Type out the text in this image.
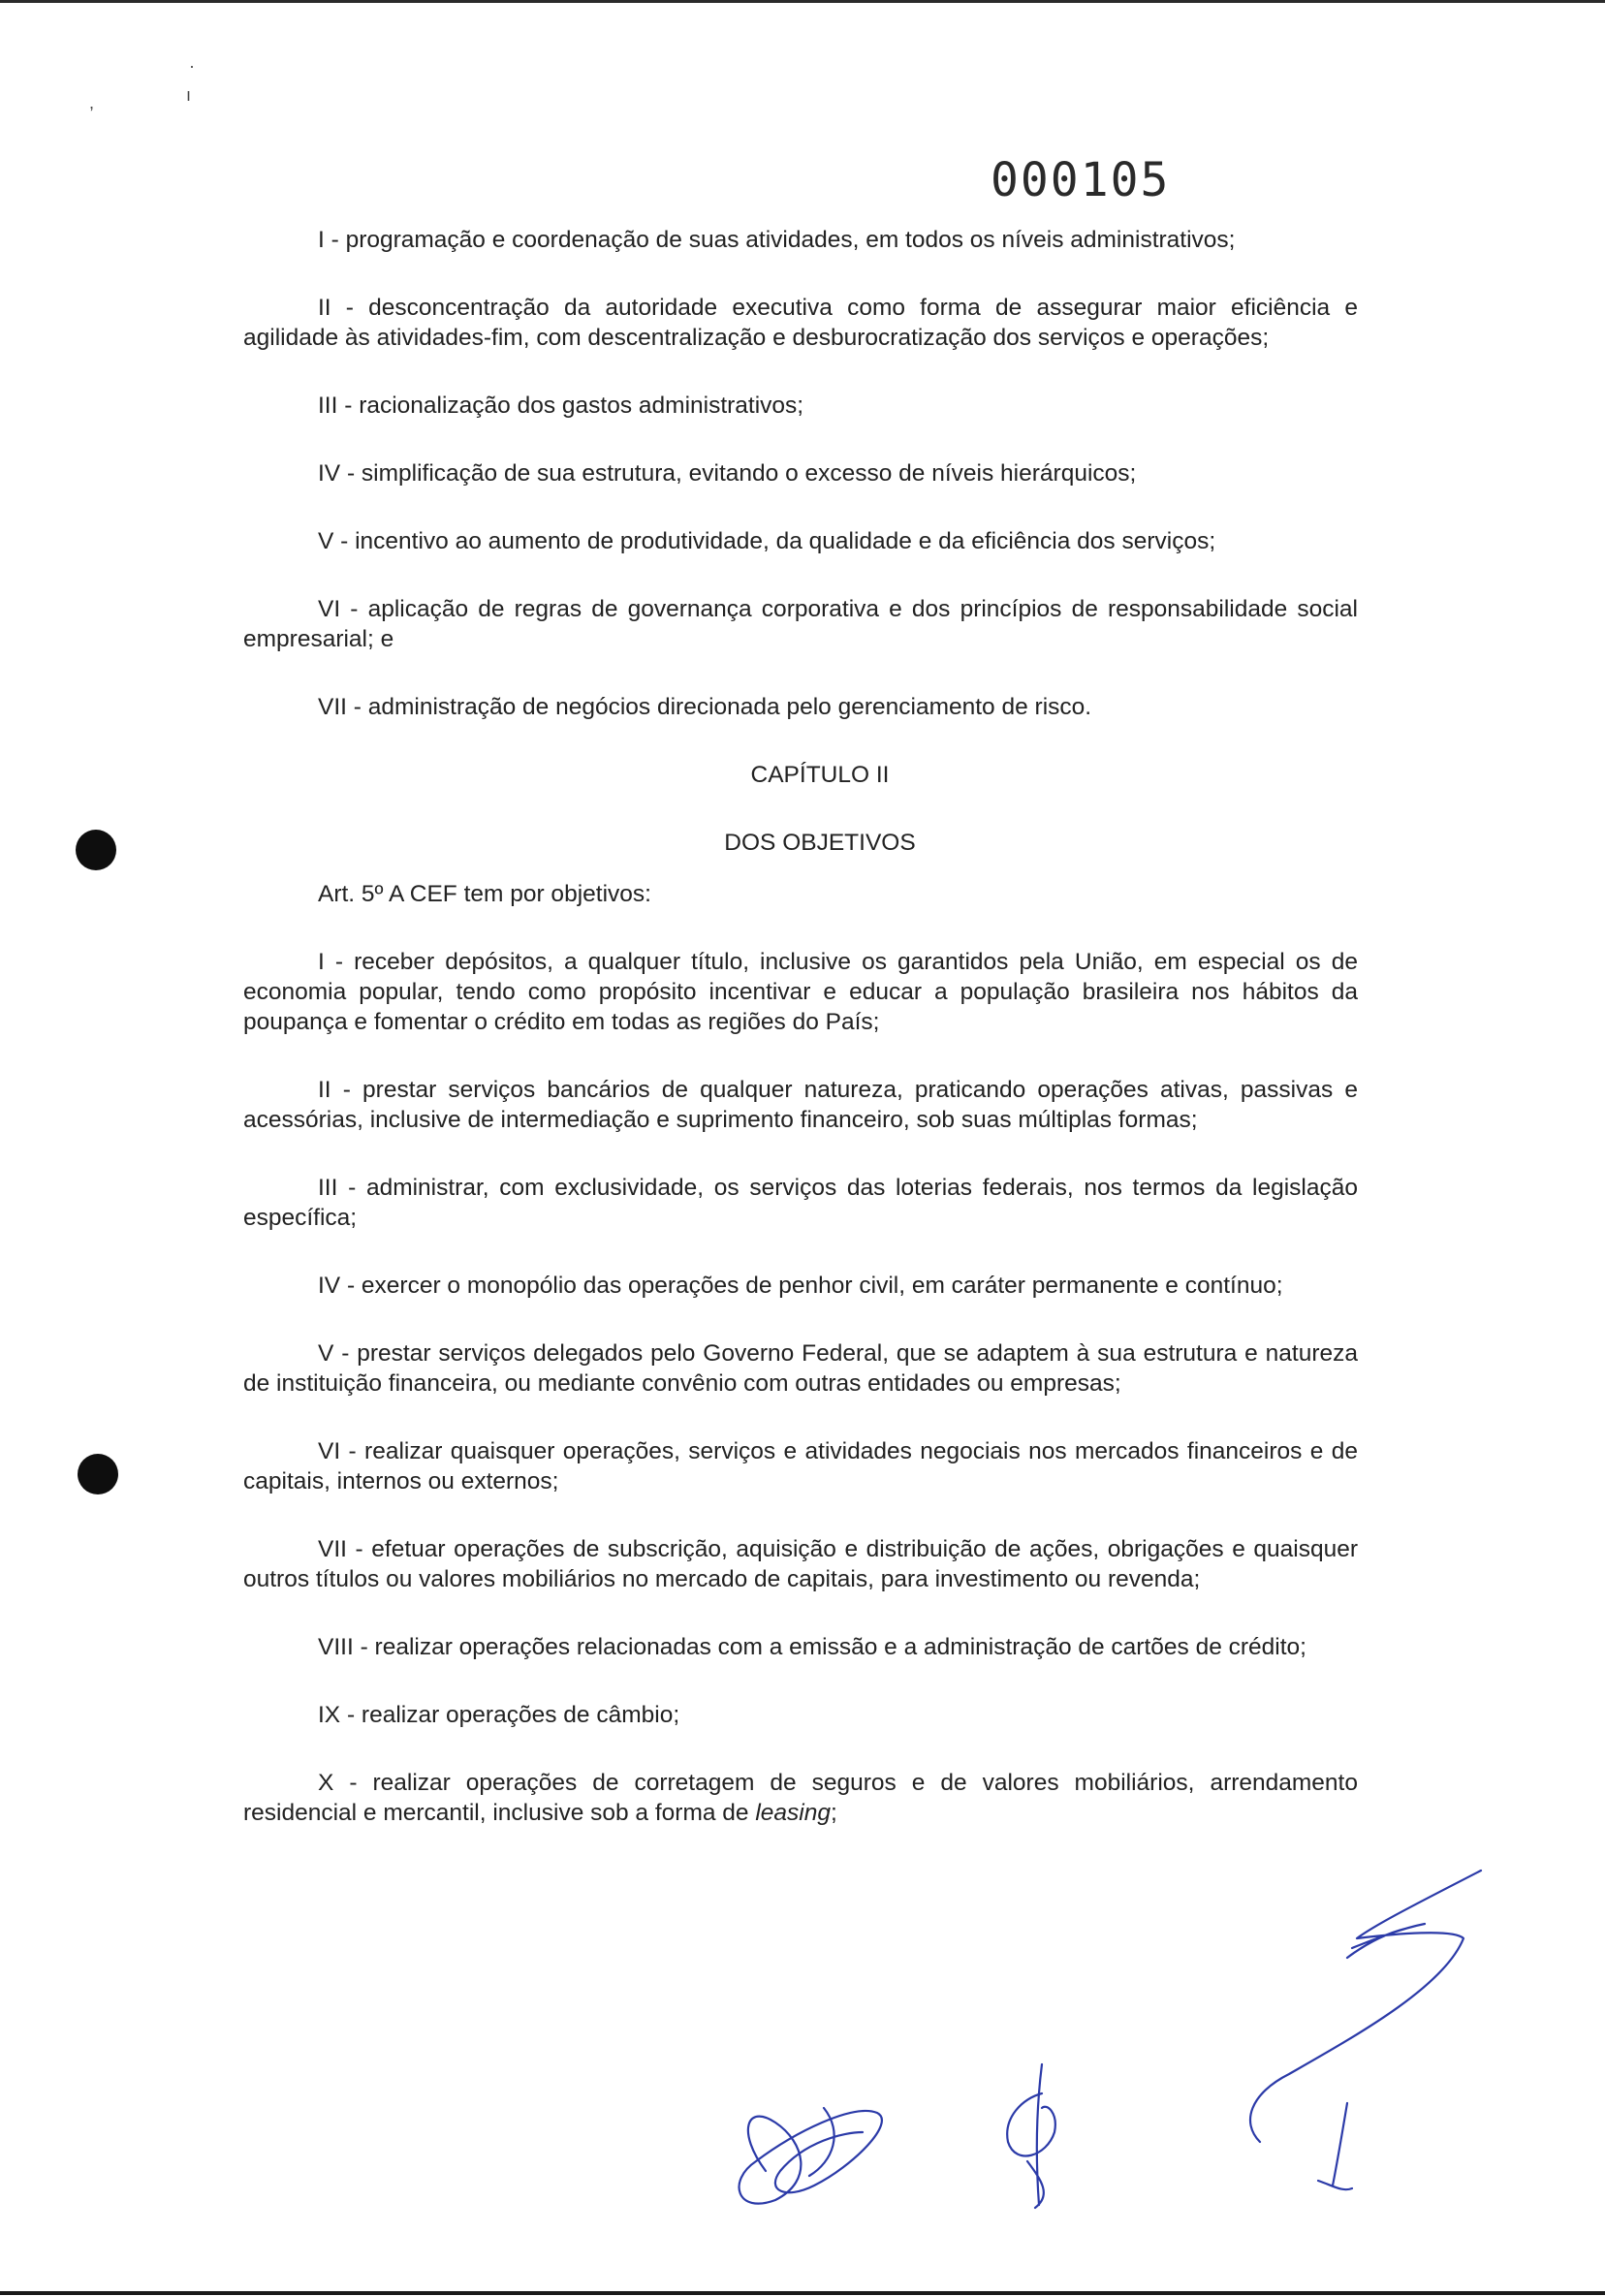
·
ı
,
000105

I - programação e coordenação de suas atividades, em todos os níveis administrativos;

II - desconcentração da autoridade executiva como forma de assegurar maior eficiência e agilidade às atividades-fim, com descentralização e desburocratização dos serviços e operações;

III - racionalização dos gastos administrativos;

IV - simplificação de sua estrutura, evitando o excesso de níveis hierárquicos;

V - incentivo ao aumento de produtividade, da qualidade e da eficiência dos serviços;

VI - aplicação de regras de governança corporativa e dos princípios de responsabilidade social empresarial; e

VII - administração de negócios direcionada pelo gerenciamento de risco.

CAPÍTULO II

DOS OBJETIVOS

Art. 5º A CEF tem por objetivos:

I - receber depósitos, a qualquer título, inclusive os garantidos pela União, em especial os de economia popular, tendo como propósito incentivar e educar a população brasileira nos hábitos da poupança e fomentar o crédito em todas as regiões do País;

II - prestar serviços bancários de qualquer natureza, praticando operações ativas, passivas e acessórias, inclusive de intermediação e suprimento financeiro, sob suas múltiplas formas;

III - administrar, com exclusividade, os serviços das loterias federais, nos termos da legislação específica;

IV - exercer o monopólio das operações de penhor civil, em caráter permanente e contínuo;

V - prestar serviços delegados pelo Governo Federal, que se adaptem à sua estrutura e natureza de instituição financeira, ou mediante convênio com outras entidades ou empresas;

VI - realizar quaisquer operações, serviços e atividades negociais nos mercados financeiros e de capitais, internos ou externos;

VII - efetuar operações de subscrição, aquisição e distribuição de ações, obrigações e quaisquer outros títulos ou valores mobiliários no mercado de capitais, para investimento ou revenda;

VIII - realizar operações relacionadas com a emissão e a administração de cartões de crédito;

IX - realizar operações de câmbio;

X - realizar operações de corretagem de seguros e de valores mobiliários, arrendamento residencial e mercantil, inclusive sob a forma de leasing;
